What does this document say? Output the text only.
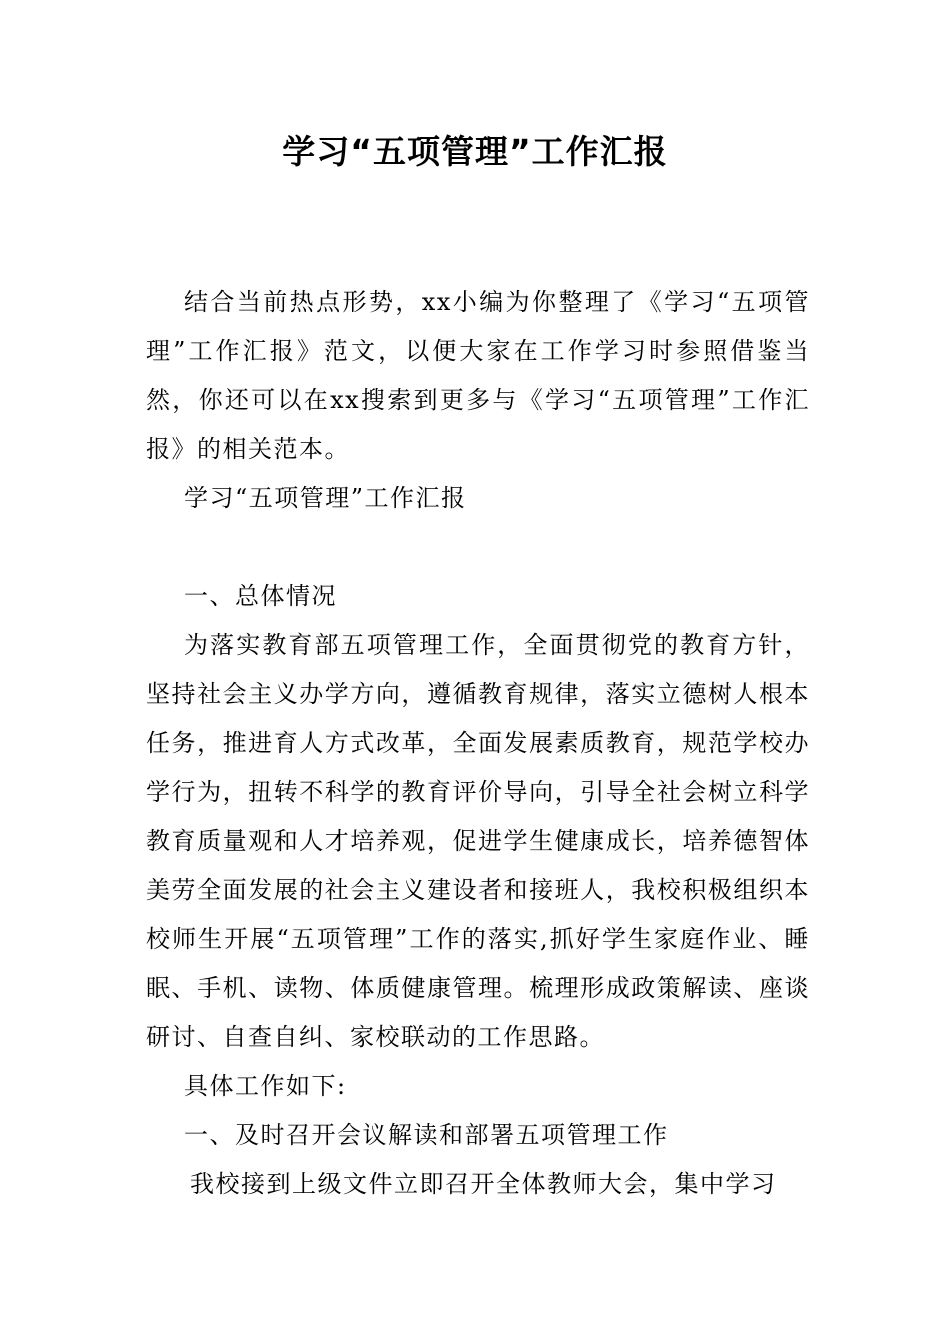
学习“五项管理”工作汇报

结合当前热点形势，xx小编为你整理了《学习“五项管理”工作汇报》范文，以便大家在工作学习时参照借鉴当然，你还可以在xx搜索到更多与《学习“五项管理”工作汇报》的相关范本。

学习“五项管理”工作汇报

一、总体情况

为落实教育部五项管理工作，全面贯彻党的教育方针，坚持社会主义办学方向，遵循教育规律，落实立德树人根本任务，推进育人方式改革，全面发展素质教育，规范学校办学行为，扭转不科学的教育评价导向，引导全社会树立科学教育质量观和人才培养观，促进学生健康成长，培养德智体美劳全面发展的社会主义建设者和接班人，我校积极组织本校师生开展“五项管理”工作的落实,抓好学生家庭作业、睡眠、手机、读物、体质健康管理。梳理形成政策解读、座谈研讨、自查自纠、家校联动的工作思路。

具体工作如下:

一、及时召开会议解读和部署五项管理工作

我校接到上级文件立即召开全体教师大会，集中学习
